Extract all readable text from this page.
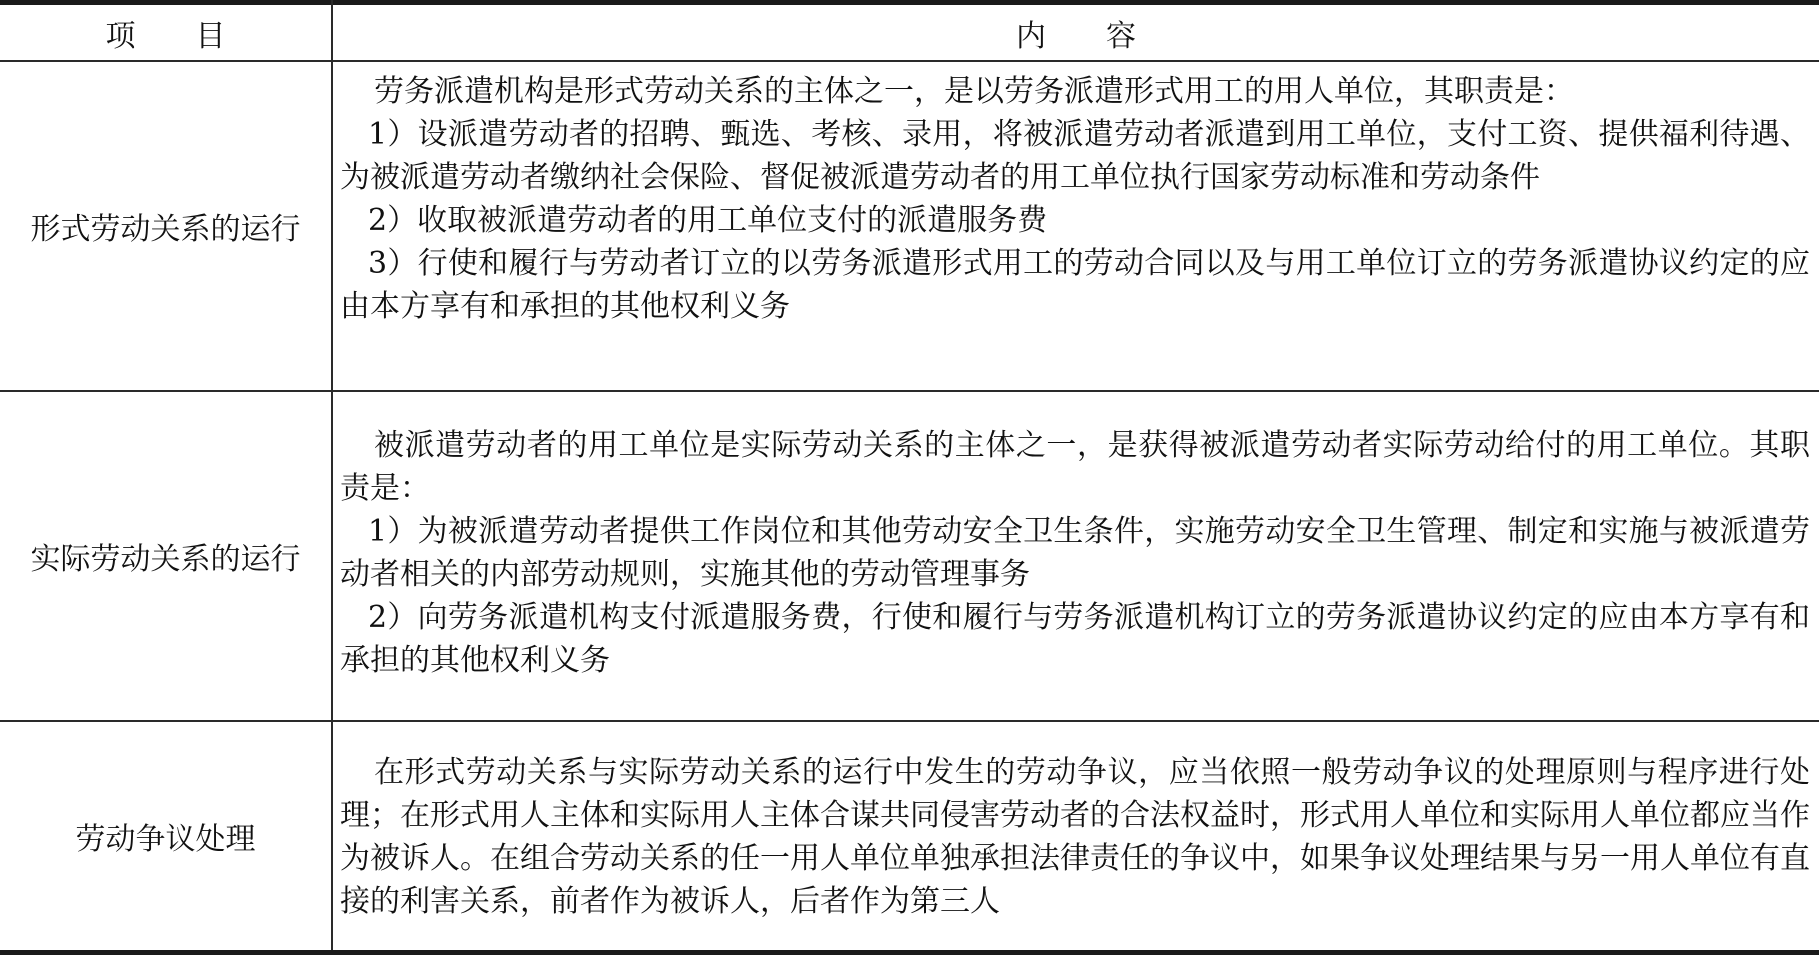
项　　目	内　　容
形式劳动关系的运行

劳务派遣机构是形式劳动关系的主体之一，是以劳务派遣形式用工的用人单位，其职责是：

1）设派遣劳动者的招聘、甄选、考核、录用，将被派遣劳动者派遣到用工单位，支付工资、提供福利待遇、为被派遣劳动者缴纳社会保险、督促被派遣劳动者的用工单位执行国家劳动标准和劳动条件

2）收取被派遣劳动者的用工单位支付的派遣服务费

3）行使和履行与劳动者订立的以劳务派遣形式用工的劳动合同以及与用工单位订立的劳务派遣协议约定的应由本方享有和承担的其他权利义务

实际劳动关系的运行

被派遣劳动者的用工单位是实际劳动关系的主体之一，是获得被派遣劳动者实际劳动给付的用工单位。其职责是：

1）为被派遣劳动者提供工作岗位和其他劳动安全卫生条件，实施劳动安全卫生管理、制定和实施与被派遣劳动者相关的内部劳动规则，实施其他的劳动管理事务

2）向劳务派遣机构支付派遣服务费，行使和履行与劳务派遣机构订立的劳务派遣协议约定的应由本方享有和承担的其他权利义务

劳动争议处理

在形式劳动关系与实际劳动关系的运行中发生的劳动争议，应当依照一般劳动争议的处理原则与程序进行处理；在形式用人主体和实际用人主体合谋共同侵害劳动者的合法权益时，形式用人单位和实际用人单位都应当作为被诉人。在组合劳动关系的任一用人单位单独承担法律责任的争议中，如果争议处理结果与另一用人单位有直接的利害关系，前者作为被诉人，后者作为第三人
